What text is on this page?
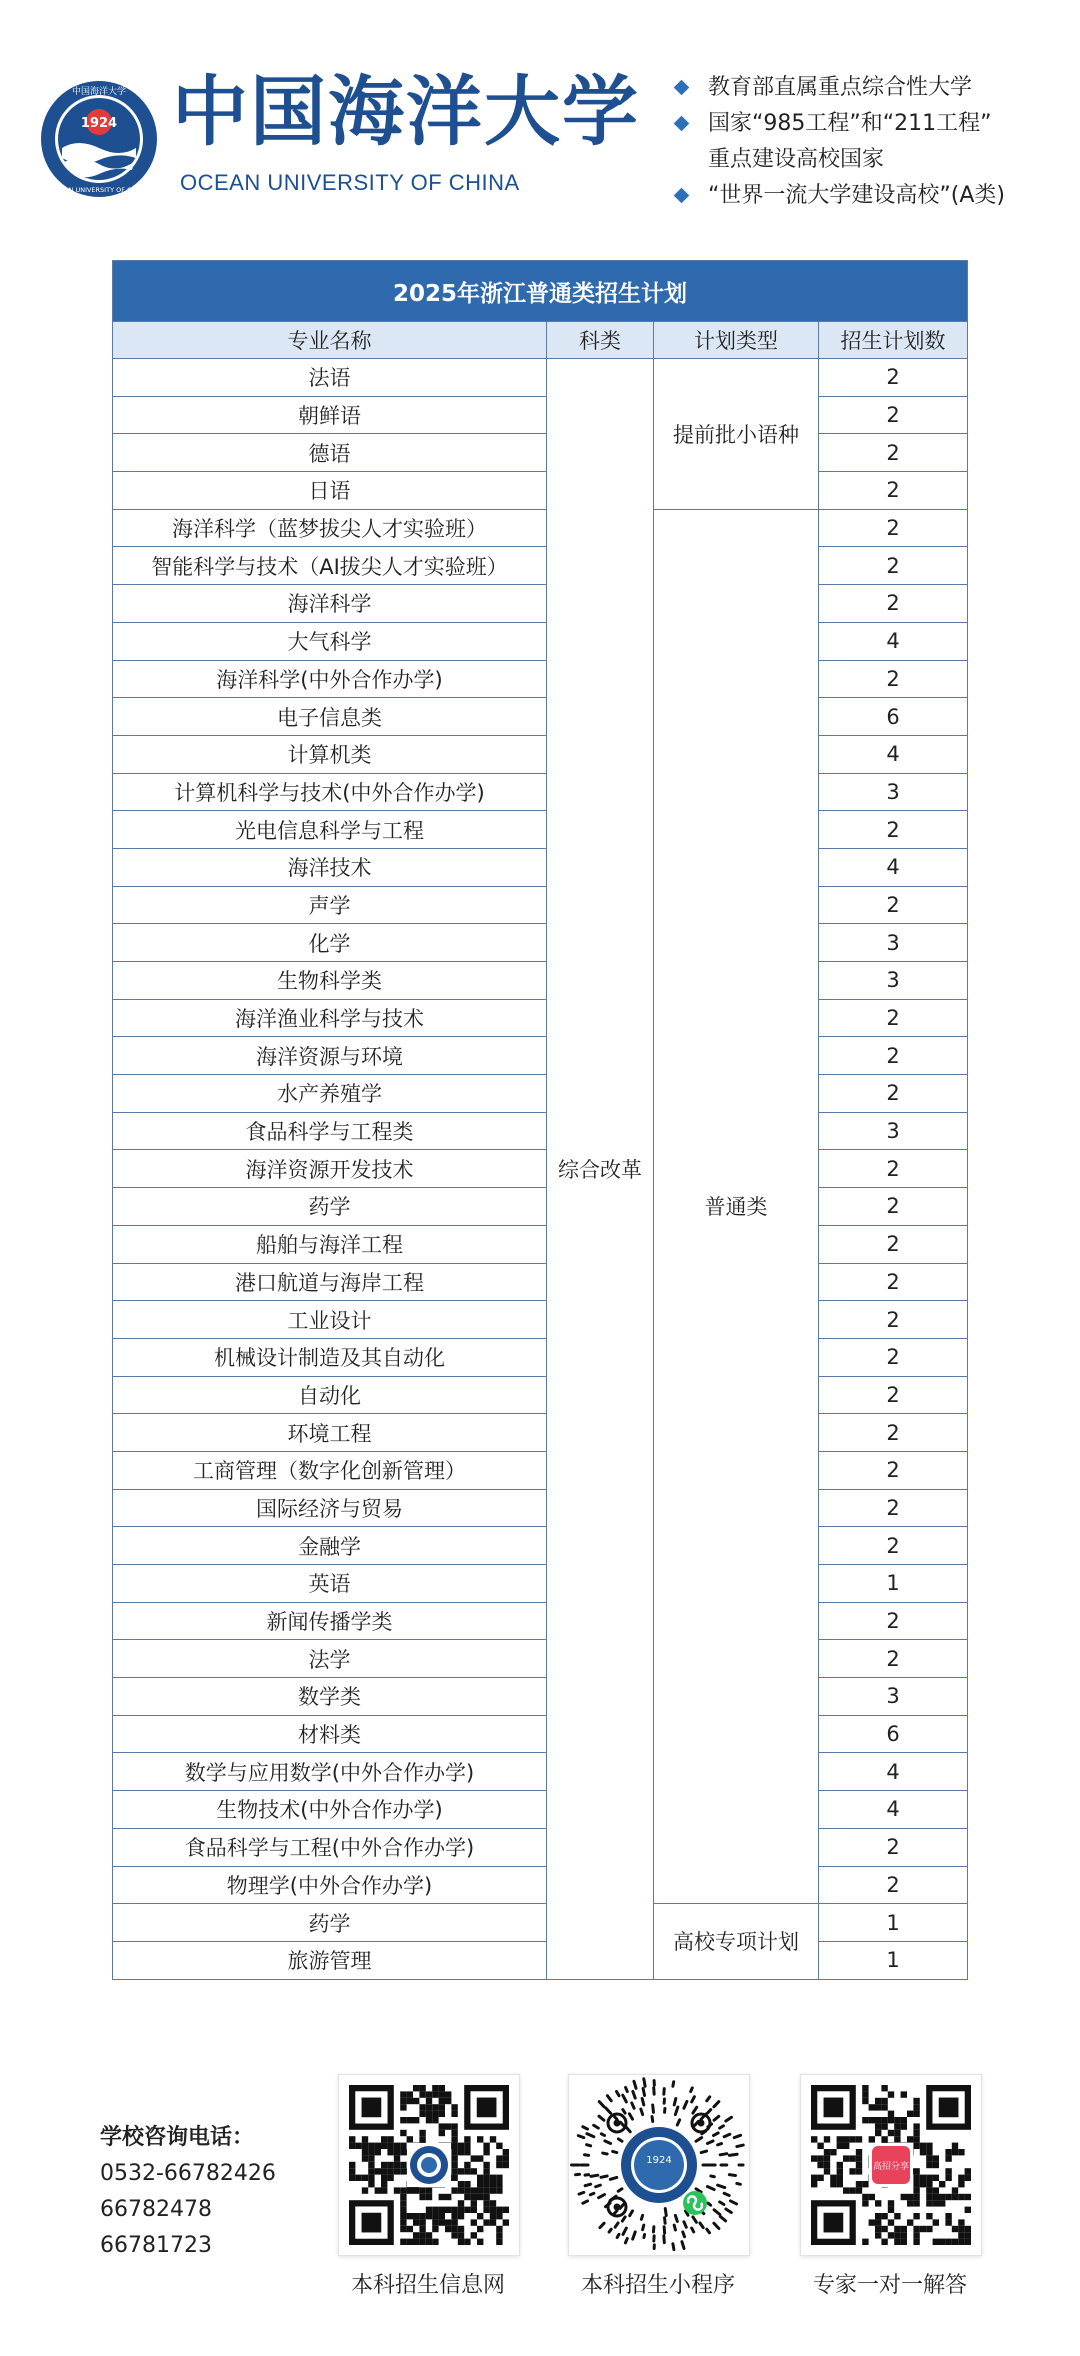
1924
中国海洋大学
OCEAN UNIVERSITY OF CHINA
中国海洋大学
OCEAN UNIVERSITY OF CHINA
教育部直属重点综合性大学
国家“985工程”和“211工程”
重点建设高校国家
“世界一流大学建设高校”(A类)
2025年浙江普通类招生计划			
专业名称	科类	计划类型	招生计划数
法语	综合改革	提前批小语种	2
朝鲜语			2
德语			2
日语			2
海洋科学（蓝梦拔尖人才实验班）		普通类	2
智能科学与技术（AI拔尖人才实验班）			2
海洋科学			2
大气科学			4
海洋科学(中外合作办学)			2
电子信息类			6
计算机类			4
计算机科学与技术(中外合作办学)			3
光电信息科学与工程			2
海洋技术			4
声学			2
化学			3
生物科学类			3
海洋渔业科学与技术			2
海洋资源与环境			2
水产养殖学			2
食品科学与工程类			3
海洋资源开发技术			2
药学			2
船舶与海洋工程			2
港口航道与海岸工程			2
工业设计			2
机械设计制造及其自动化			2
自动化			2
环境工程			2
工商管理（数字化创新管理）			2
国际经济与贸易			2
金融学			2
英语			1
新闻传播学类			2
法学			2
数学类			3
材料类			6
数学与应用数学(中外合作办学)			4
生物技术(中外合作办学)			4
食品科学与工程(中外合作办学)			2
物理学(中外合作办学)			2
药学		高校专项计划	1
旅游管理			1
学校咨询电话：
0532-66782426
66782478
66781723
本科招生信息网
1924
本科招生小程序
高招分享
专家一对一解答
